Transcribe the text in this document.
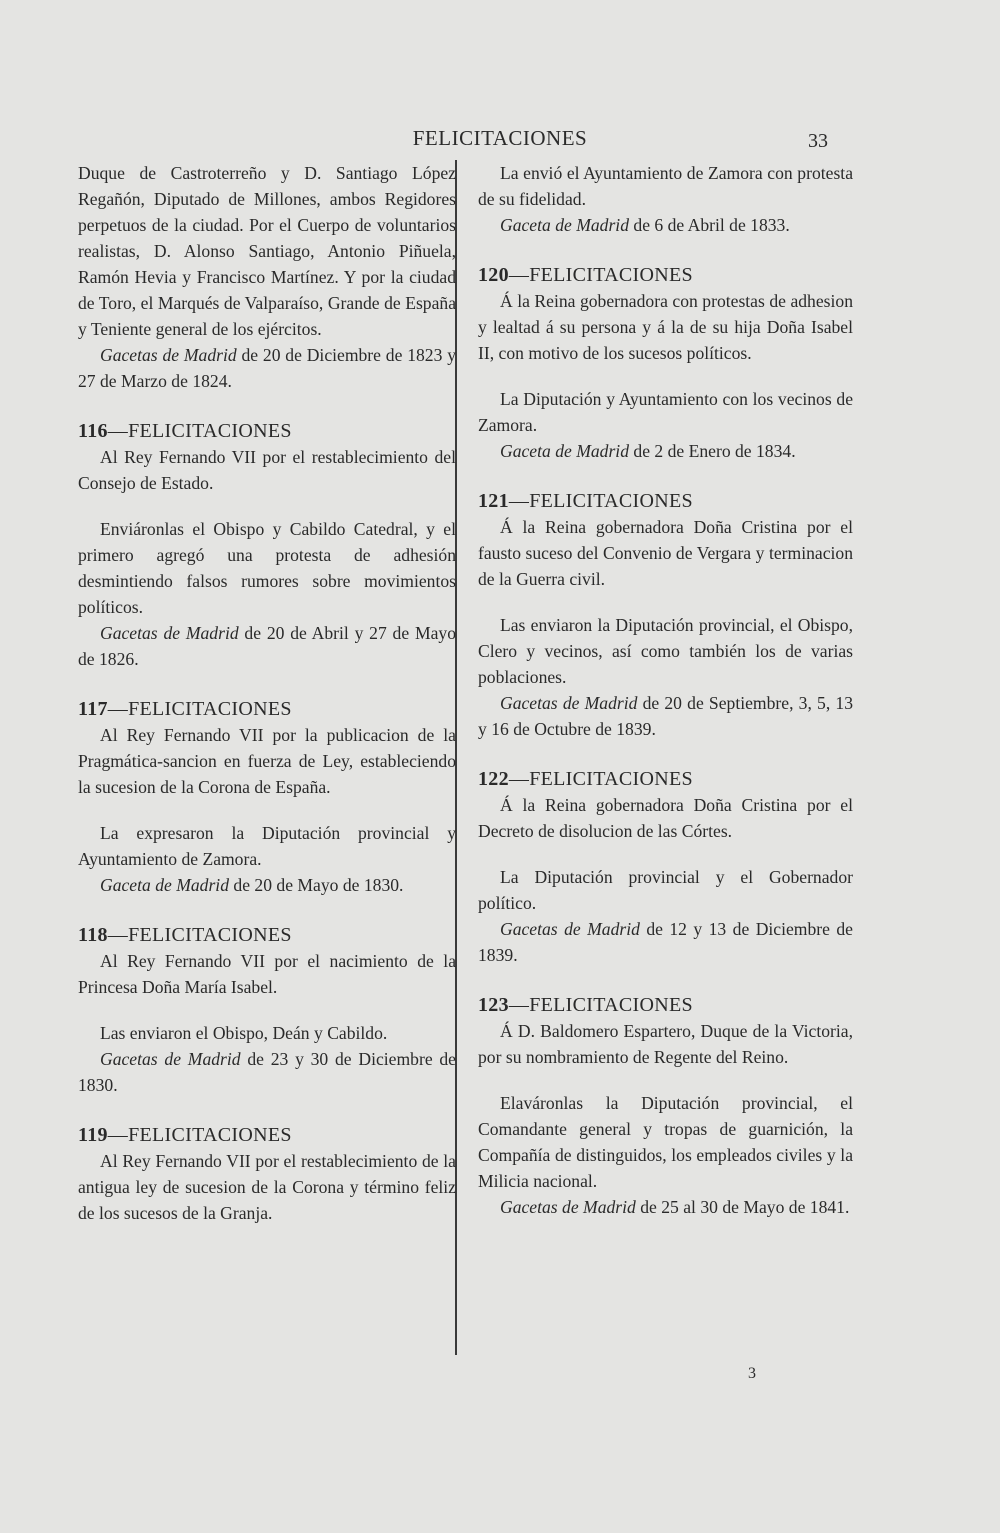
FELICITACIONES	33

Duque de Castroterreño y D. Santiago López Regañón, Diputado de Millones, ambos Regidores perpetuos de la ciudad. Por el Cuerpo de voluntarios realistas, D. Alonso Santiago, Antonio Piñuela, Ramón Hevia y Francisco Martínez. Y por la ciudad de Toro, el Marqués de Valparaíso, Grande de España y Teniente general de los ejércitos.

Gacetas de Madrid de 20 de Diciembre de 1823 y 27 de Marzo de 1824.

116—FELICITACIONES

Al Rey Fernando VII por el restablecimiento del Consejo de Estado.

Enviáronlas el Obispo y Cabildo Catedral, y el primero agregó una protesta de adhesión desmintiendo falsos rumores sobre movimientos políticos.

Gacetas de Madrid de 20 de Abril y 27 de Mayo de 1826.

117—FELICITACIONES

Al Rey Fernando VII por la publicacion de la Pragmática-sancion en fuerza de Ley, estableciendo la sucesion de la Corona de España.

La expresaron la Diputación provincial y Ayuntamiento de Zamora.

Gaceta de Madrid de 20 de Mayo de 1830.

118—FELICITACIONES

Al Rey Fernando VII por el nacimiento de la Princesa Doña María Isabel.

Las enviaron el Obispo, Deán y Cabildo.

Gacetas de Madrid de 23 y 30 de Diciembre de 1830.

119—FELICITACIONES

Al Rey Fernando VII por el restablecimiento de la antigua ley de sucesion de la Corona y término feliz de los sucesos de la Granja.

La envió el Ayuntamiento de Zamora con protesta de su fidelidad.

Gaceta de Madrid de 6 de Abril de 1833.

120—FELICITACIONES

Á la Reina gobernadora con protestas de adhesion y lealtad á su persona y á la de su hija Doña Isabel II, con motivo de los sucesos políticos.

La Diputación y Ayuntamiento con los vecinos de Zamora.

Gaceta de Madrid de 2 de Enero de 1834.

121—FELICITACIONES

Á la Reina gobernadora Doña Cristina por el fausto suceso del Convenio de Vergara y terminacion de la Guerra civil.

Las enviaron la Diputación provincial, el Obispo, Clero y vecinos, así como también los de varias poblaciones.

Gacetas de Madrid de 20 de Septiembre, 3, 5, 13 y 16 de Octubre de 1839.

122—FELICITACIONES

Á la Reina gobernadora Doña Cristina por el Decreto de disolucion de las Córtes.

La Diputación provincial y el Gobernador político.

Gacetas de Madrid de 12 y 13 de Diciembre de 1839.

123—FELICITACIONES

Á D. Baldomero Espartero, Duque de la Victoria, por su nombramiento de Regente del Reino.

Elaváronlas la Diputación provincial, el Comandante general y tropas de guarnición, la Compañía de distinguidos, los empleados civiles y la Milicia nacional.

Gacetas de Madrid de 25 al 30 de Mayo de 1841.

3
